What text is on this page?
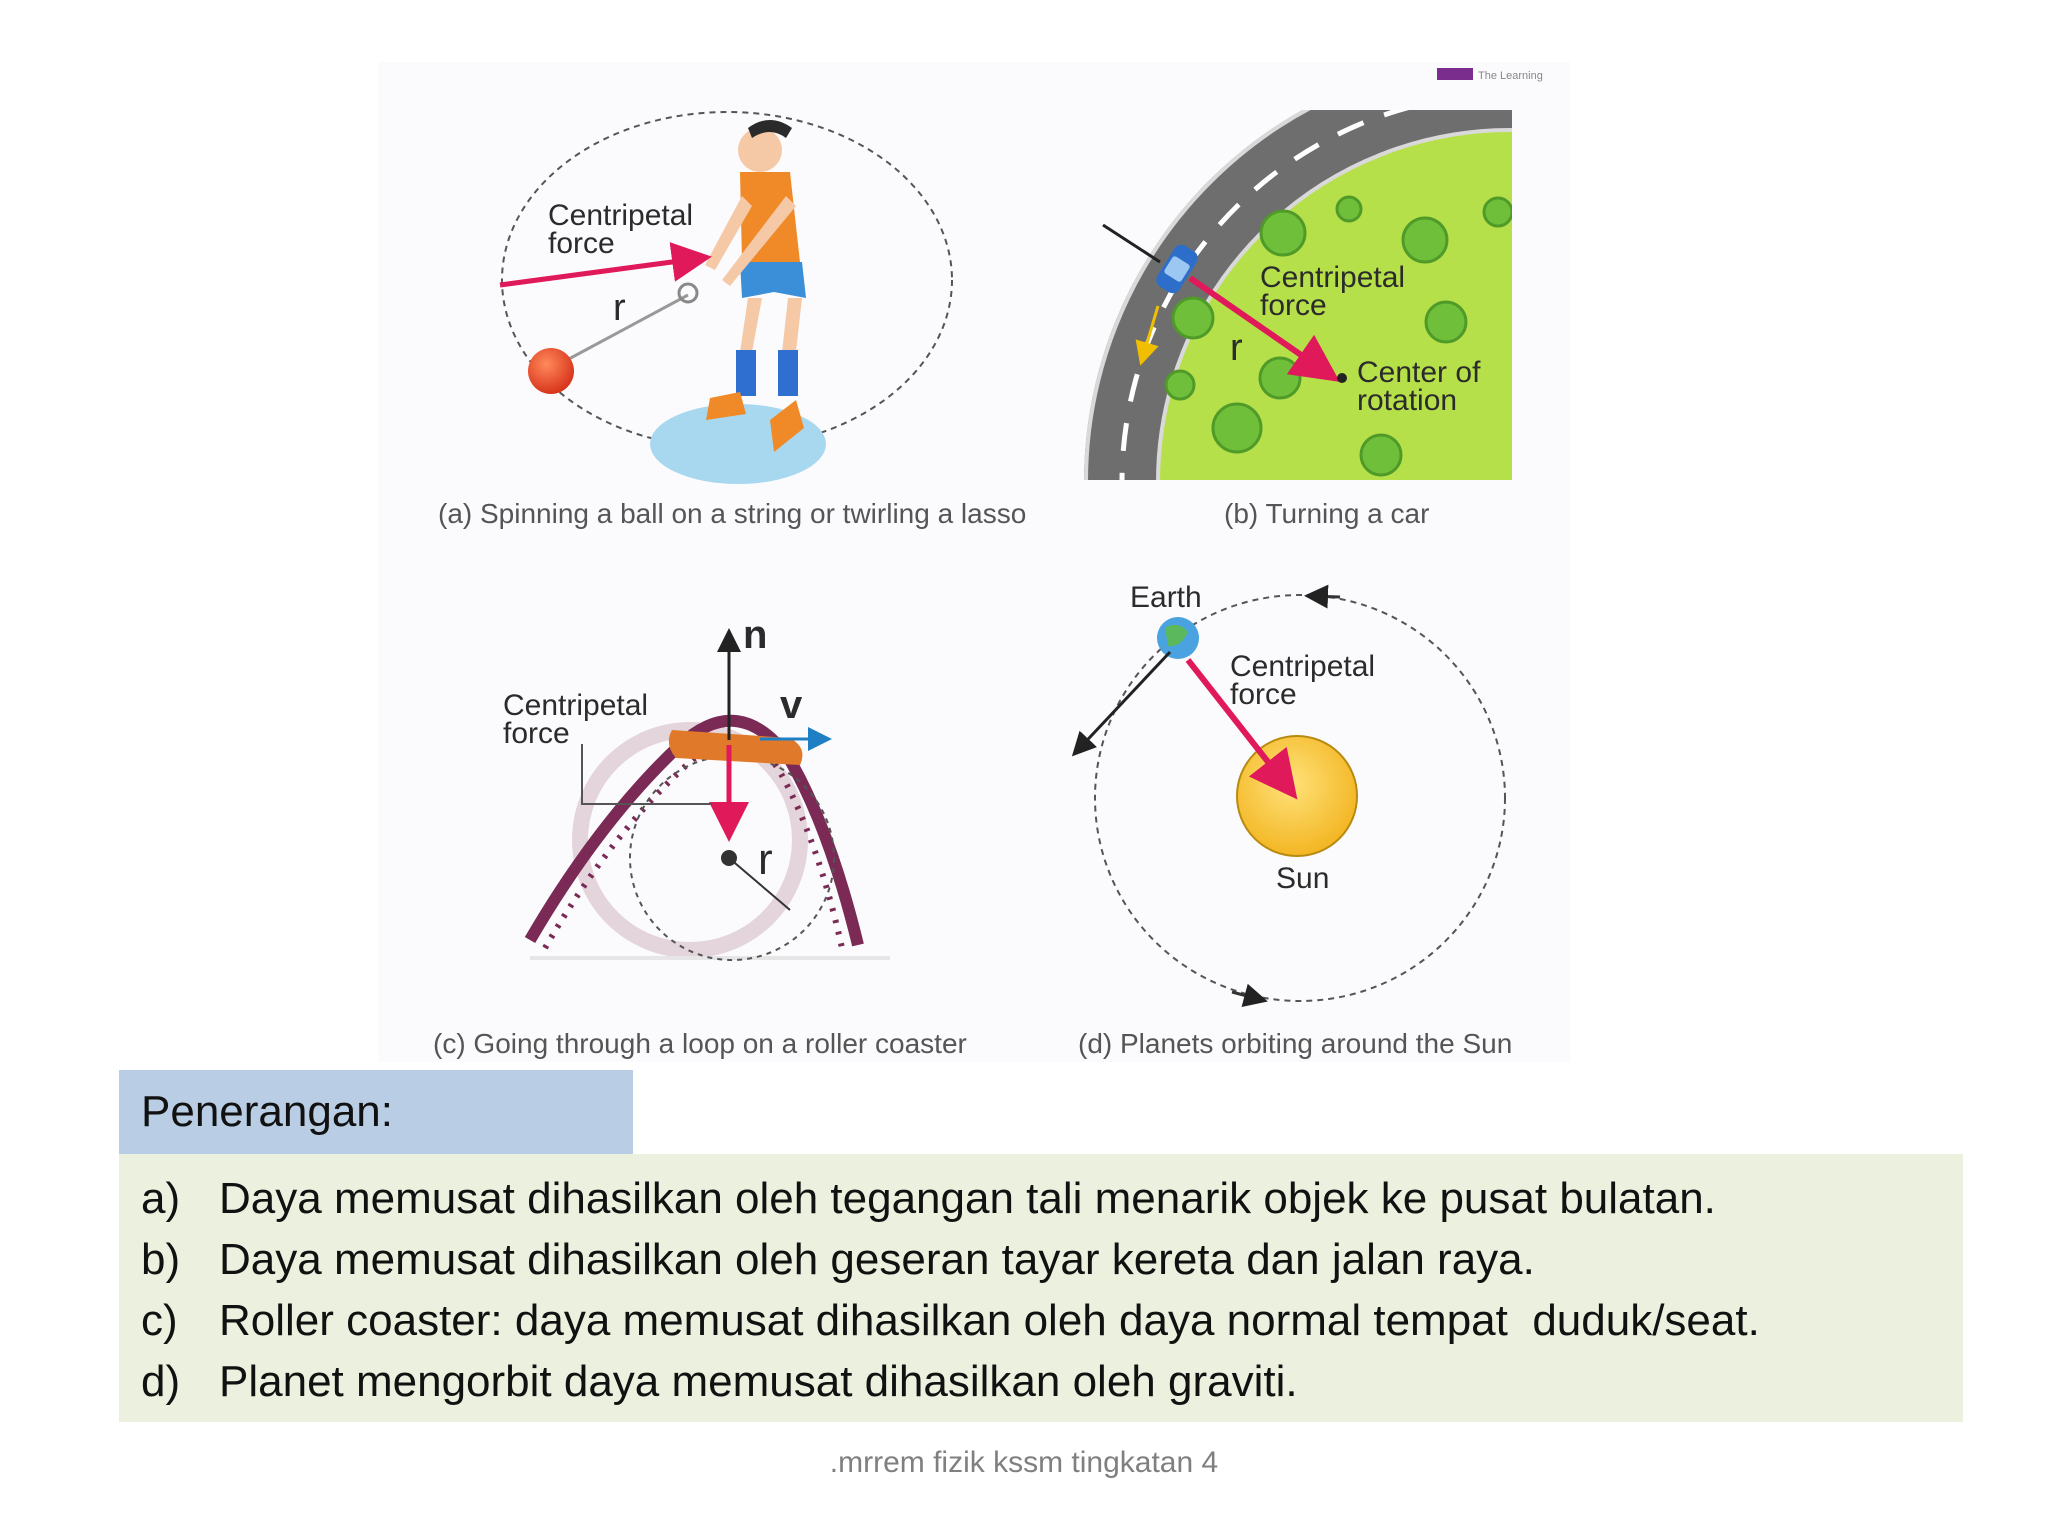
The Learning
Centripetal
force
r
(a) Spinning a ball on a string or twirling a lasso
Centripetal
force
r
Center of
rotation
(b) Turning a car
n
v
Centripetal
force
r
(c) Going through a loop on a roller coaster
Earth
Centripetal
force
Sun
(d) Planets orbiting around the Sun
Penerangan:
a) Daya memusat dihasilkan oleh tegangan tali menarik objek ke pusat bulatan.
b) Daya memusat dihasilkan oleh geseran tayar kereta dan jalan raya.
c) Roller coaster: daya memusat dihasilkan oleh daya normal tempat  duduk/seat.
d) Planet mengorbit daya memusat dihasilkan oleh graviti.
.mrrem fizik kssm tingkatan 4
